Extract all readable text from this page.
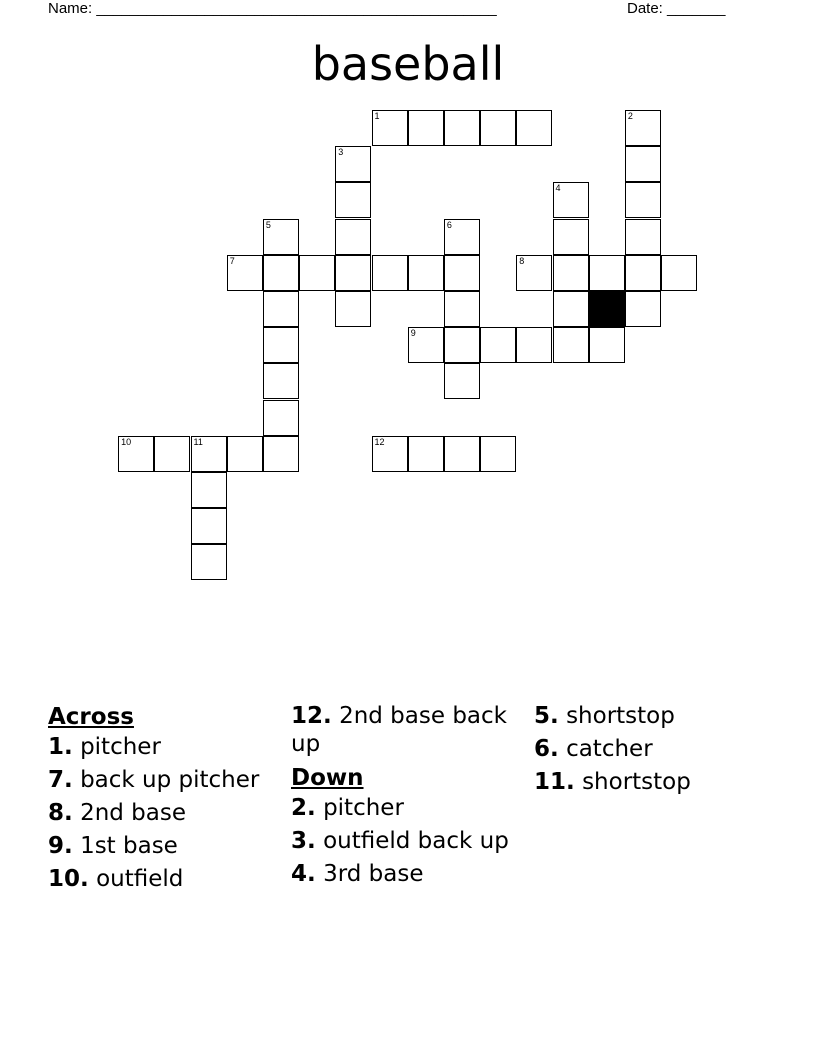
Name: ________________________________________________	Date: _______
baseball
1	2
3
4
5	6
7	8
9
10	11	12
Across
1. pitcher
7. back up pitcher
8. 2nd base
9. 1st base
10. outfield
12. 2nd base back up
Down
2. pitcher
3. outfield back up
4. 3rd base
5. shortstop
6. catcher
11. shortstop
